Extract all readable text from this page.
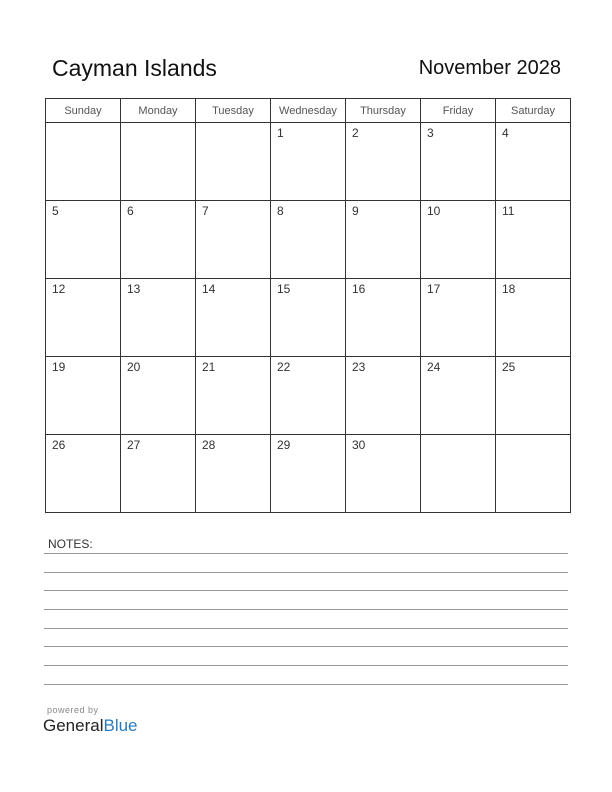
Cayman Islands	November 2028
Sunday	Monday	Tuesday	Wednesday	Thursday	Friday	Saturday

			1	2	3	4

5	6	7	8	9	10	11

12	13	14	15	16	17	18

19	20	21	22	23	24	25

26	27	28	29	30		

NOTES:
powered by
GeneralBlue
